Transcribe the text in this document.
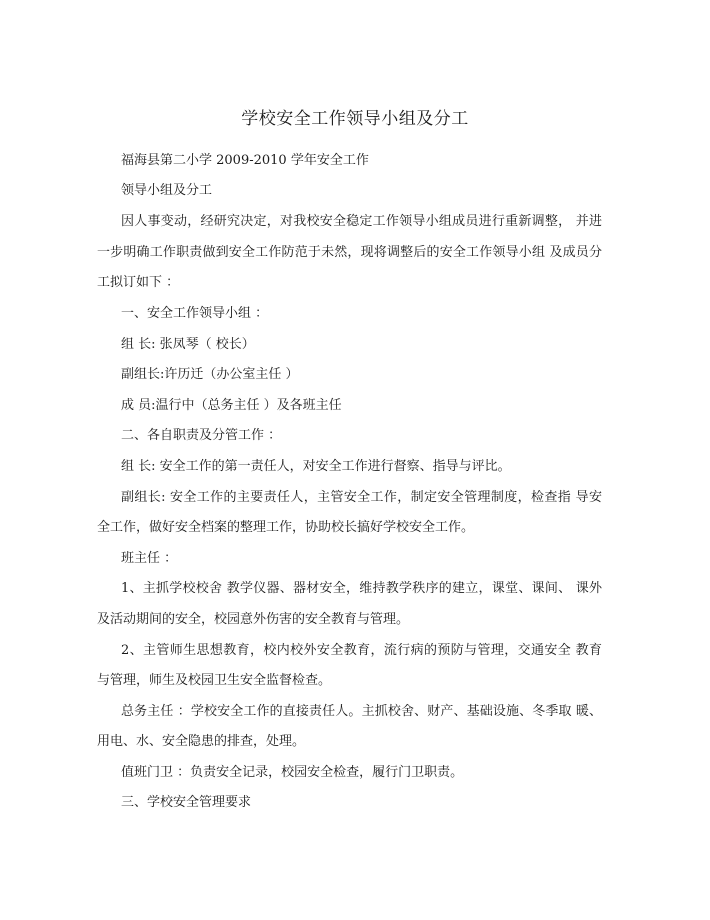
学校安全工作领导小组及分工
福海县第二小学 2009-2010 学年安全工作
领导小组及分工
因人事变动，经研究决定，对我校安全稳定工作领导小组成员进行重新调整， 并进
一步明确工作职责做到安全工作防范于未然，现将调整后的安全工作领导小组 及成员分
工拟订如下 ：
一、安全工作领导小组 ：
组 长: 张凤琴（ 校长）
副组长:许历迁（办公室主任 ）
成 员:温行中（总务主任 ）及各班主任
二、各自职责及分管工作 ：
组 长: 安全工作的第一责任人，对安全工作进行督察、指导与评比。
副组长: 安全工作的主要责任人，主管安全工作，制定安全管理制度，检查指 导安
全工作，做好安全档案的整理工作，协助校长搞好学校安全工作。
班主任 ：
1、主抓学校校舍 教学仪器、器材安全，维持教学秩序的建立，课堂、课间、 课外
及活动期间的安全，校园意外伤害的安全教育与管理。
2、主管师生思想教育，校内校外安全教育，流行病的预防与管理，交通安全 教育
与管理，师生及校园卫生安全监督检查。
总务主任 ：学校安全工作的直接责任人。主抓校舍、财产、基础设施、冬季取 暖、
用电、水、安全隐患的排查，处理。
值班门卫 ：负责安全记录，校园安全检查，履行门卫职责。
三、学校安全管理要求
